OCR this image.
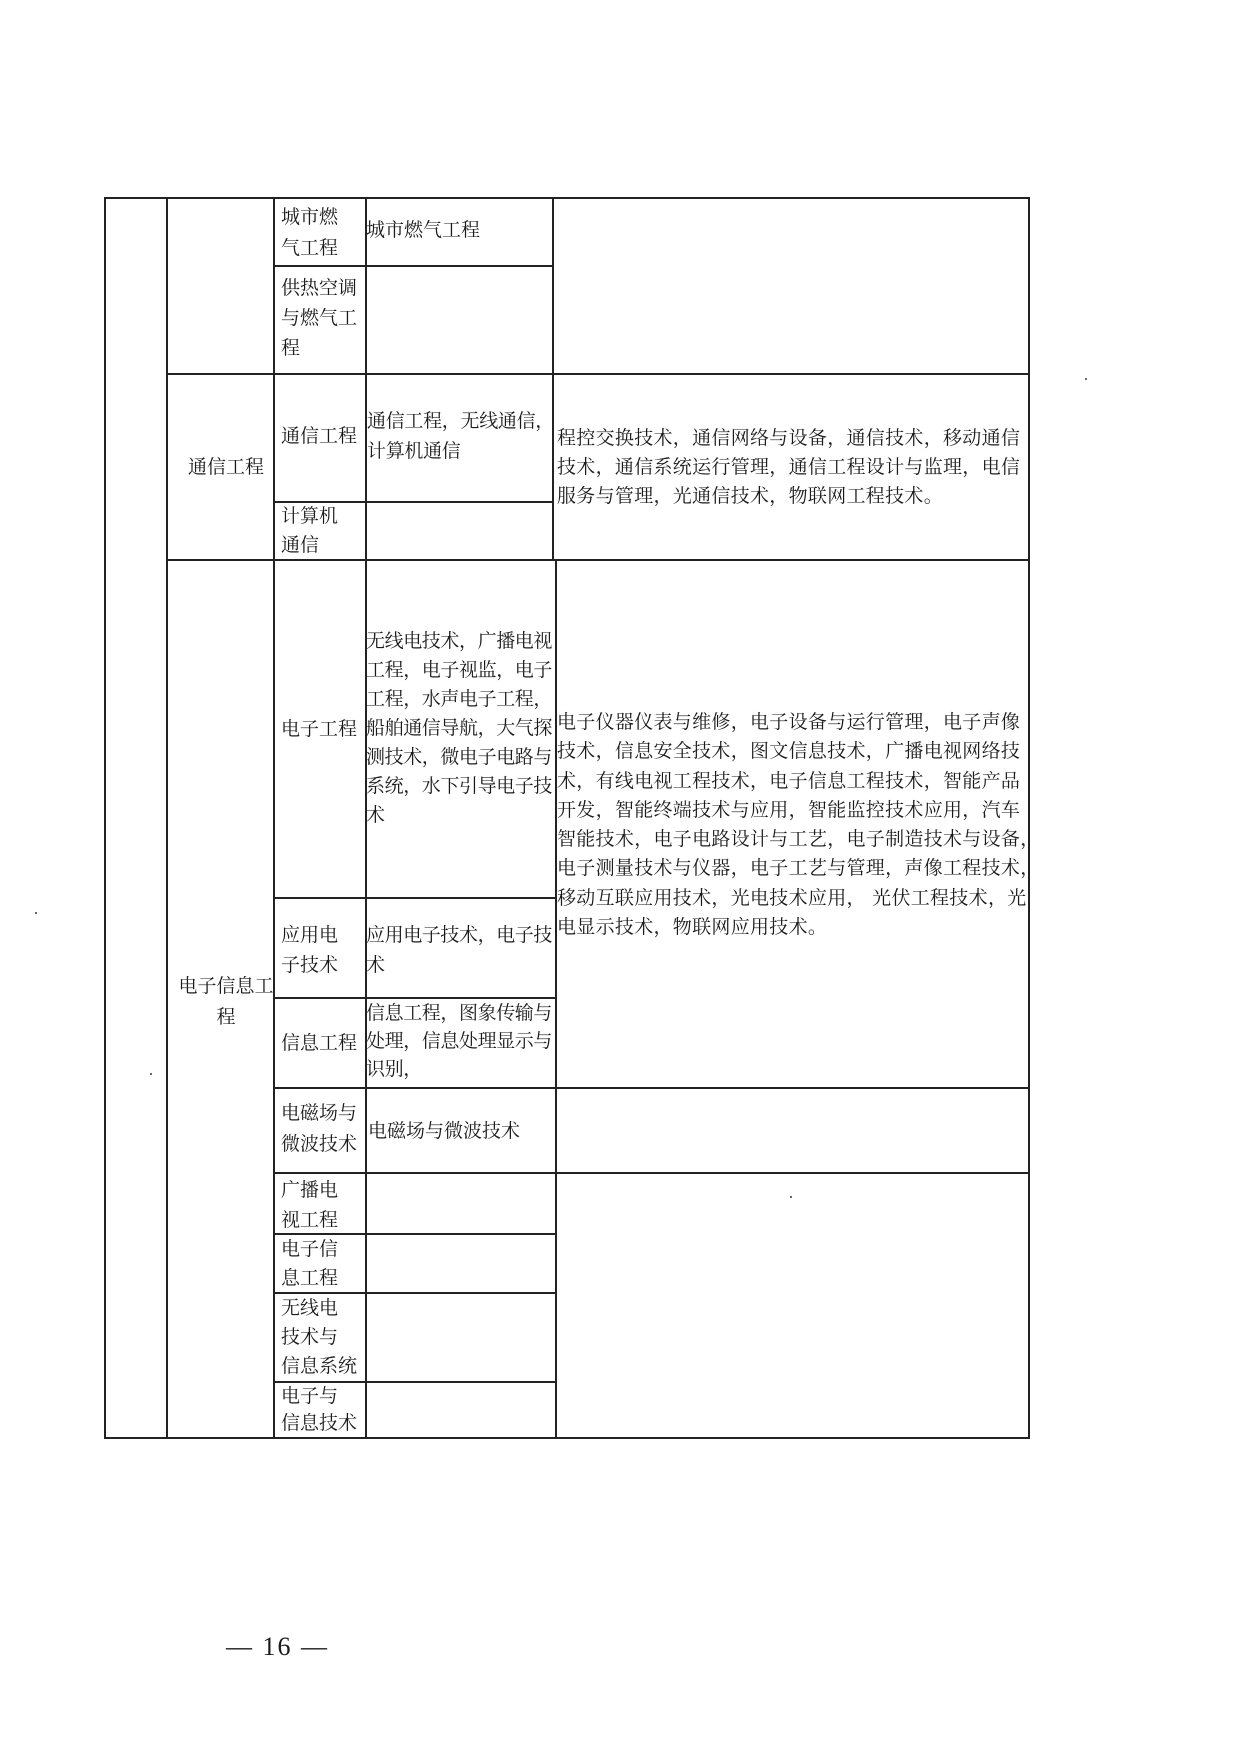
城市燃
气工程
城市燃气工程
供热空调
与燃气工
程
通信工程
通信工程
通信工程，无线通信，
计算机通信
计算机
通信
程控交换技术，通信网络与设备，通信技术，移动通信
技术，通信系统运行管理，通信工程设计与监理，电信
服务与管理，光通信技术，物联网工程技术。
电子信息工
程
电子工程
无线电技术，广播电视
工程，电子视监，电子
工程，水声电子工程，
船舶通信导航，大气探
测技术，微电子电路与
系统，水下引导电子技
术
电子仪器仪表与维修，电子设备与运行管理，电子声像
技术，信息安全技术，图文信息技术，广播电视网络技
术，有线电视工程技术，电子信息工程技术，智能产品
开发，智能终端技术与应用，智能监控技术应用，汽车
智能技术，电子电路设计与工艺，电子制造技术与设备，
电子测量技术与仪器，电子工艺与管理，声像工程技术，
移动互联应用技术，光电技术应用， 光伏工程技术，光
电显示技术，物联网应用技术。
应用电
子技术
应用电子技术，电子技
术
信息工程
信息工程，图象传输与
处理，信息处理显示与
识别，
电磁场与
微波技术
电磁场与微波技术
广播电
视工程
电子信
息工程
无线电
技术与
信息系统
电子与
信息技术
— 16 —
